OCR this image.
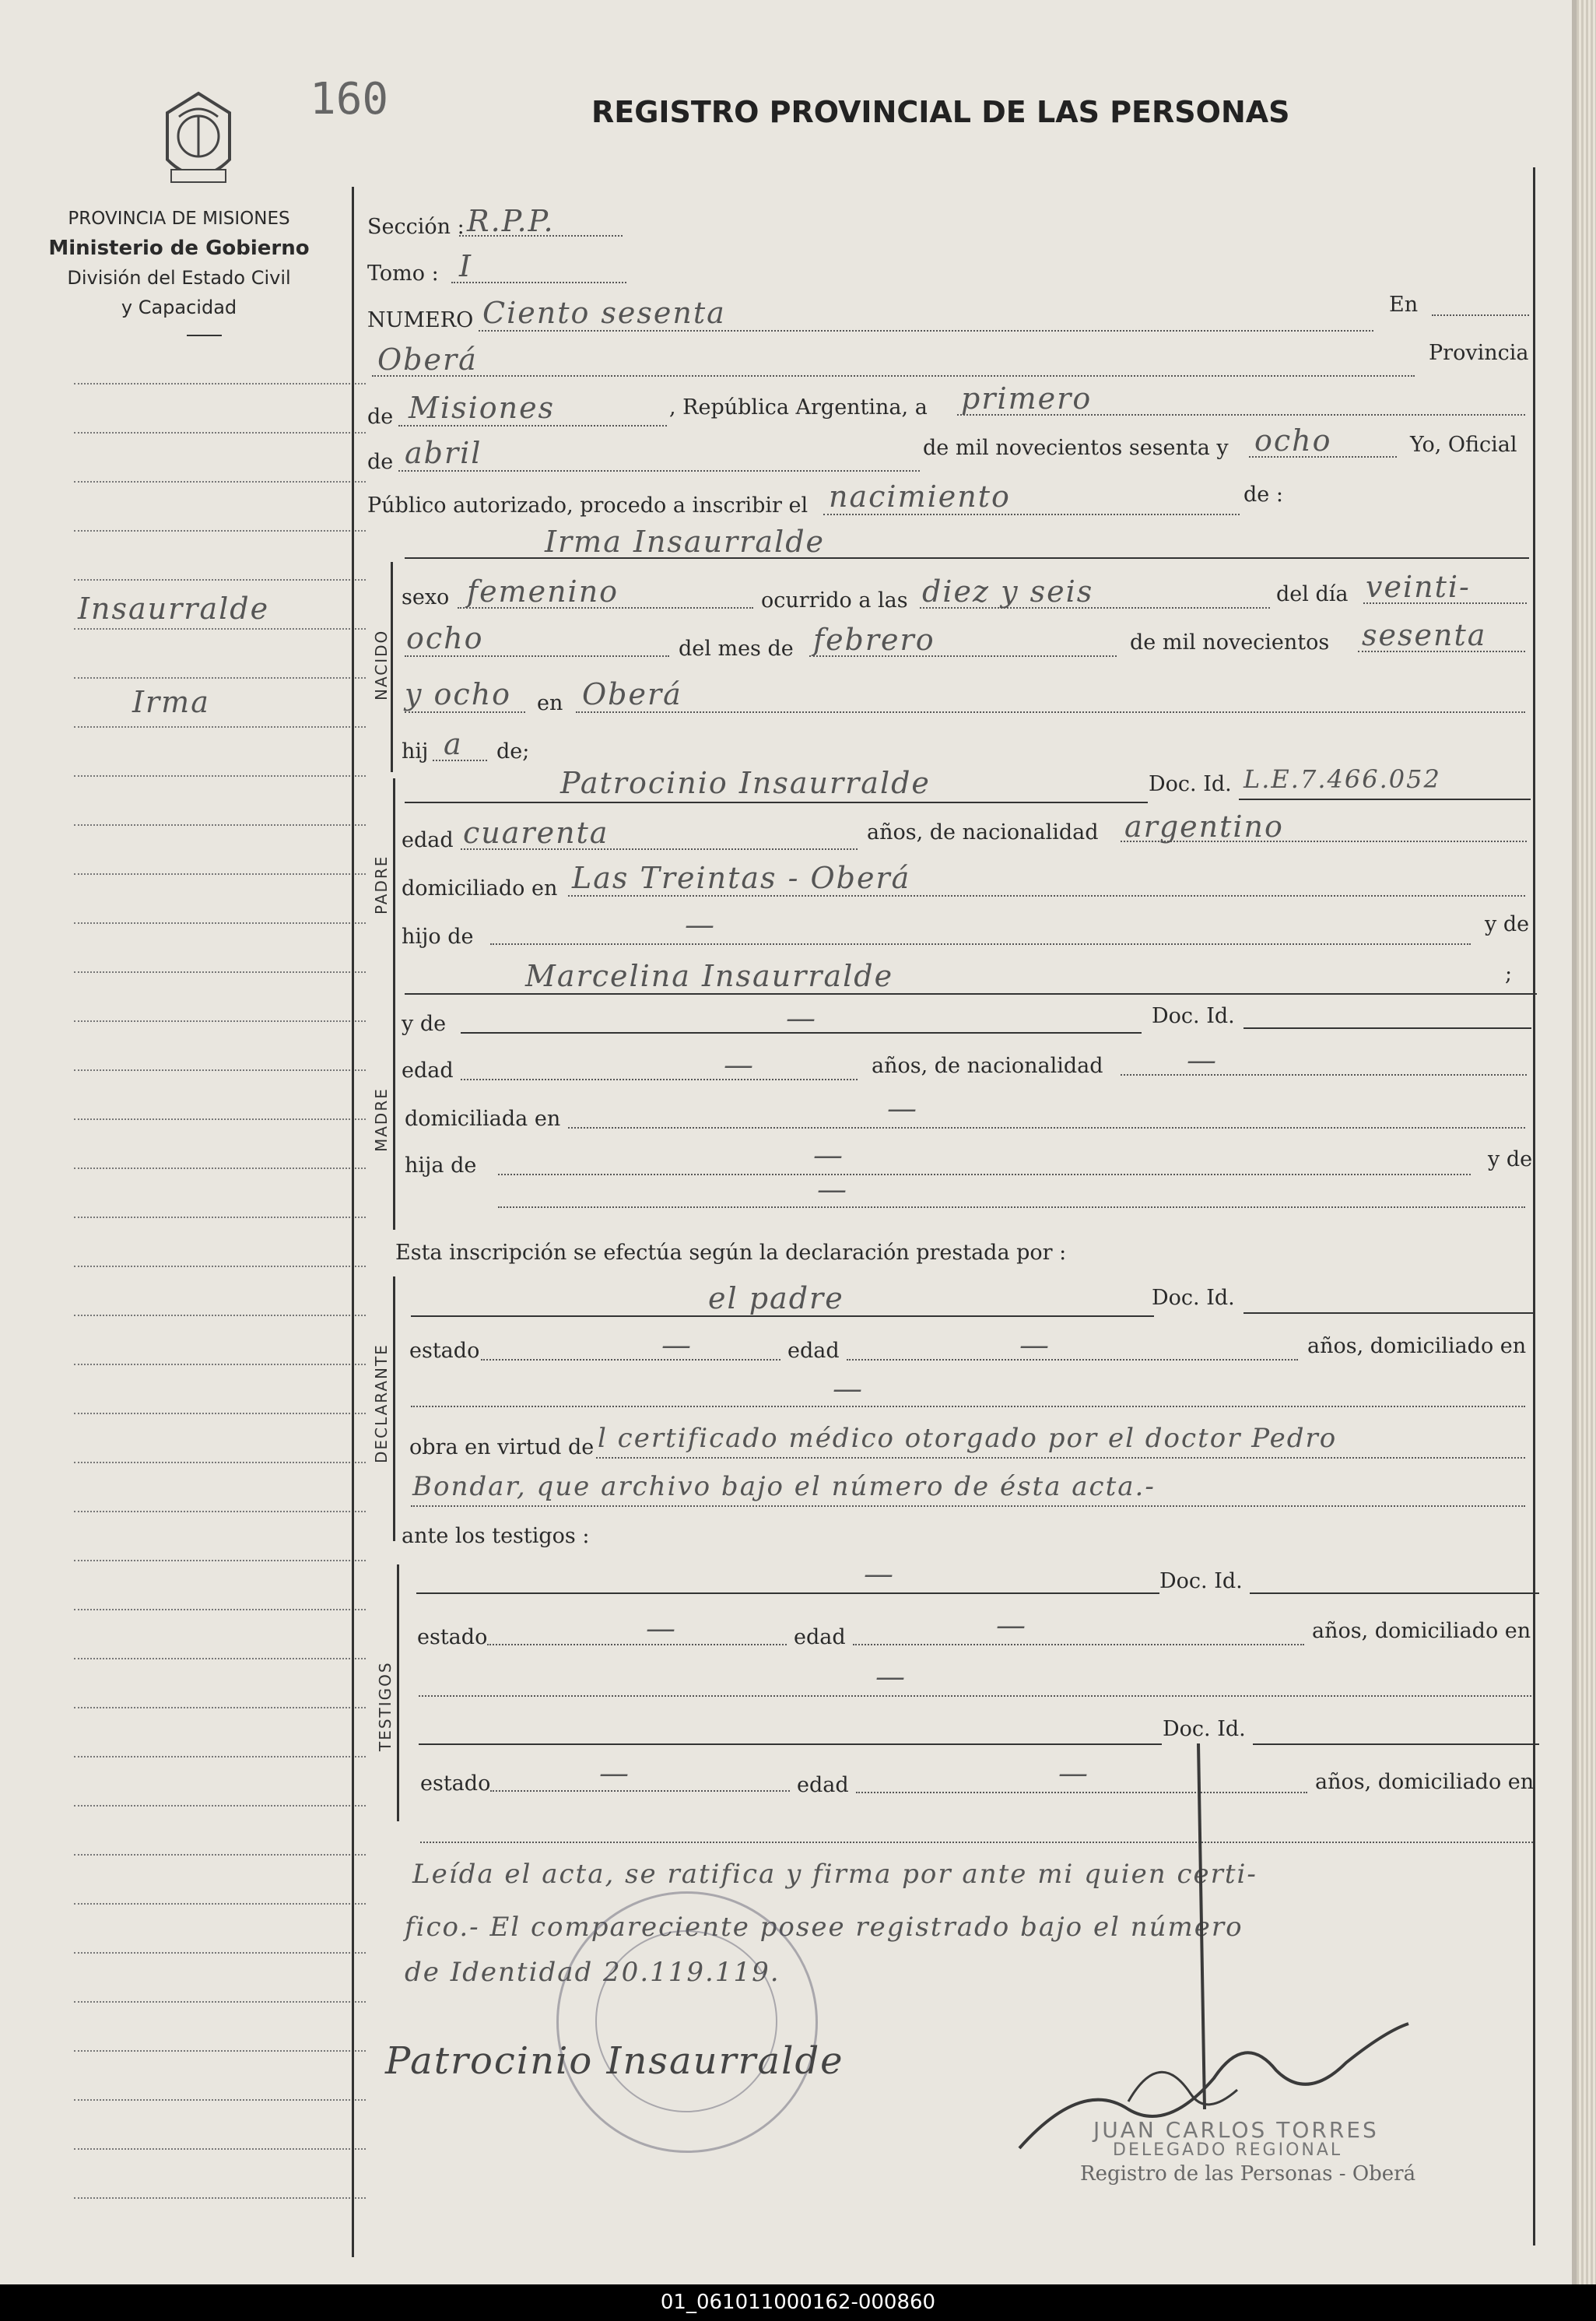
160	REGISTRO PROVINCIAL DE LAS PERSONAS
PROVINCIA DE MISIONES
Ministerio de Gobierno
División del Estado Civil
y Capacidad
Insaurralde
Irma
Sección : R.P.P.
Tomo : I
NUMERO Ciento sesenta	En
Oberá	Provincia
de Misiones	, República Argentina, a primero
de abril	de mil novecientos sesenta y ocho	Yo, Oficial
Público autorizado, procedo a inscribir el nacimiento	de :
NACIDO
Irma Insaurralde
sexo femenino	ocurrido a las diez y seis	del día veinti-
ocho	del mes de febrero	de mil novecientos sesenta
y ocho en Oberá
hij a de;
PADRE
Patrocinio Insaurralde	Doc. Id. L.E.7.466.052
edad cuarenta	años, de nacionalidad argentino
domiciliado en Las Treintas - Oberá
hijo de	—	y de
Marcelina Insaurralde	;
MADRE
y de	—	Doc. Id.
edad	—	años, de nacionalidad	—
domiciliada en	—
hija de	—	y de
—
Esta inscripción se efectúa según la declaración prestada por :
DECLARANTE
el padre	Doc. Id.
estado	—	edad	—	años, domiciliado en
—
obra en virtud de l certificado médico otorgado por el doctor Pedro
Bondar, que archivo bajo el número de ésta acta.-
ante los testigos :
TESTIGOS
—	Doc. Id.
estado	—	edad	—	años, domiciliado en
—
Doc. Id.
estado	—	edad	—	años, domiciliado en
Leída el acta, se ratifica y firma por ante mi quien certi-
fico.- El compareciente posee registrado bajo el número
de Identidad 20.119.119.
Patrocinio Insaurralde
JUAN CARLOS TORRES
DELEGADO REGIONAL
Registro de las Personas - Oberá
01_061011000162-000860
